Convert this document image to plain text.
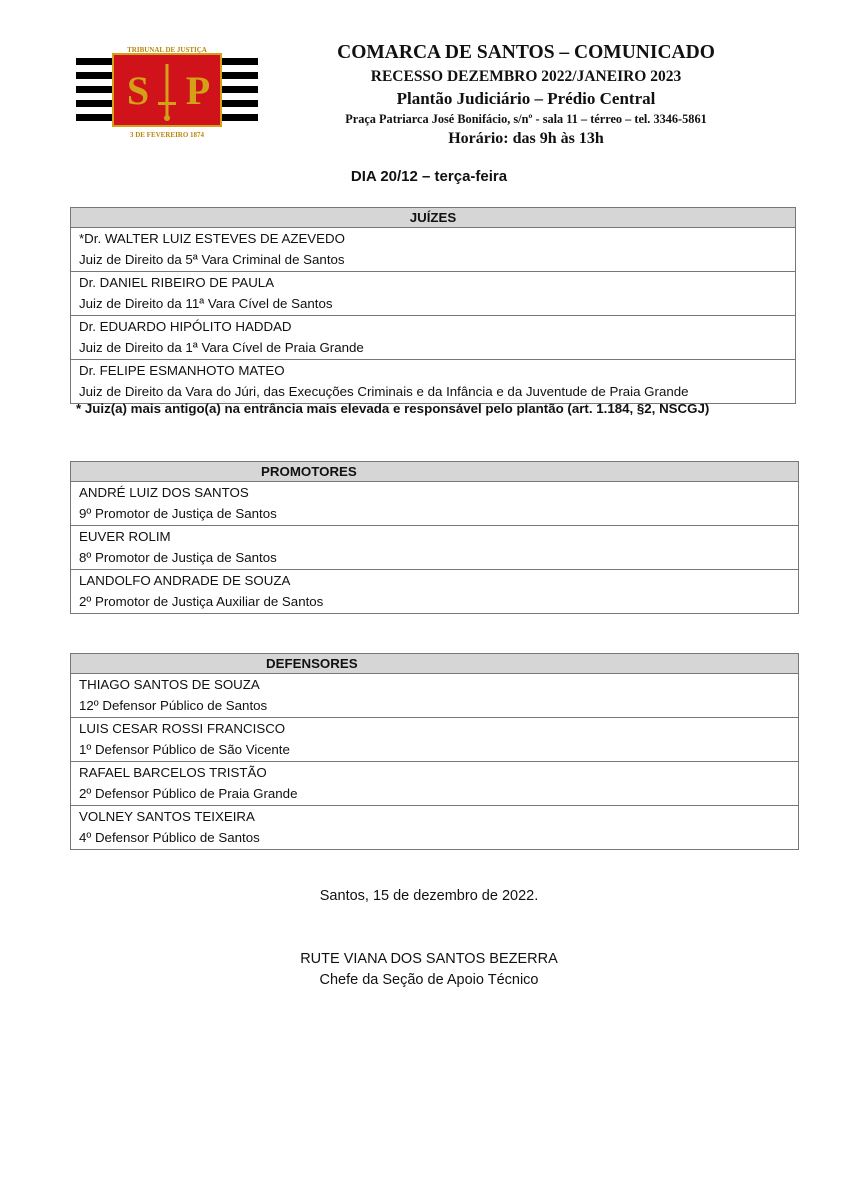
TRIBUNAL DE JUSTIÇA
S P
3 DE FEVEREIRO 1874
COMARCA DE SANTOS – COMUNICADO
RECESSO DEZEMBRO 2022/JANEIRO 2023
Plantão Judiciário – Prédio Central
Praça Patriarca José Bonifácio, s/nº - sala 11 – térreo – tel. 3346-5861
Horário: das 9h às 13h
DIA 20/12 – terça-feira
JUÍZES

*Dr. WALTER LUIZ ESTEVES DE AZEVEDO
Juiz de Direito da 5ª Vara Criminal de Santos

Dr. DANIEL RIBEIRO DE PAULA
Juiz de Direito da 11ª Vara Cível de Santos

Dr. EDUARDO HIPÓLITO HADDAD
Juiz de Direito da 1ª Vara Cível de Praia Grande

Dr. FELIPE ESMANHOTO MATEO
Juiz de Direito da Vara do Júri, das Execuções Criminais e da Infância e da Juventude de Praia Grande
* Juiz(a) mais antigo(a) na entrância mais elevada e responsável pelo plantão (art. 1.184, §2, NSCGJ)
PROMOTORES

ANDRÉ LUIZ DOS SANTOS
9º Promotor de Justiça de Santos

EUVER ROLIM
8º Promotor de Justiça de Santos

LANDOLFO ANDRADE DE SOUZA
2º Promotor de Justiça Auxiliar de Santos
DEFENSORES

THIAGO SANTOS DE SOUZA
12º Defensor Público de Santos

LUIS CESAR ROSSI FRANCISCO
1º Defensor Público de São Vicente

RAFAEL BARCELOS TRISTÃO
2º Defensor Público de Praia Grande

VOLNEY SANTOS TEIXEIRA
4º Defensor Público de Santos
Santos, 15 de dezembro de 2022.
RUTE VIANA DOS SANTOS BEZERRA
Chefe da Seção de Apoio Técnico
